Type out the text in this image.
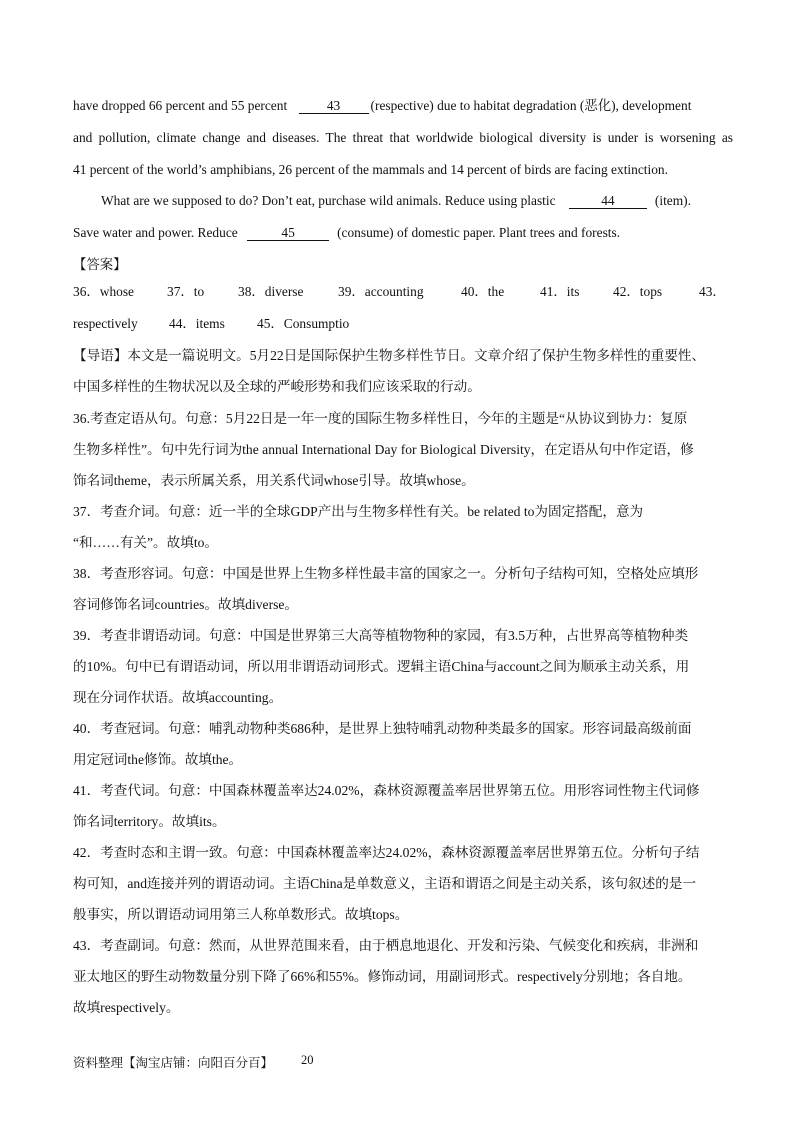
have dropped 66 percent and 55 percent	43 (respective) due to habitat degradation (恶化), development
and pollution, climate change and diseases. The threat that worldwide biological diversity is under is worsening as
41 percent of the world’s amphibians, 26 percent of the mammals and 14 percent of birds are facing extinction.
What are we supposed to do? Don’t eat, purchase wild animals. Reduce using plastic	44	(item).
Save water and power. Reduce	45	(consume) of domestic paper. Plant trees and forests.
【答案】
36．whose 37．to	38．diverse	39．accounting	40．the	41．its	42．tops	43．
respectively 44．items 45．Consumptio
【导语】本文是一篇说明文。5月22日是国际保护生物多样性节日。文章介绍了保护生物多样性的重要性、
中国多样性的生物状况以及全球的严峻形势和我们应该采取的行动。
36.考查定语从句。句意：5月22日是一年一度的国际生物多样性日，今年的主题是“从协议到协力：复原
生物多样性”。句中先行词为the annual International Day for Biological Diversity，在定语从句中作定语，修
饰名词theme，表示所属关系，用关系代词whose引导。故填whose。
37．考查介词。句意：近一半的全球GDP产出与生物多样性有关。be related to为固定搭配，意为
“和……有关”。故填to。
38．考查形容词。句意：中国是世界上生物多样性最丰富的国家之一。分析句子结构可知，空格处应填形
容词修饰名词countries。故填diverse。
39．考查非谓语动词。句意：中国是世界第三大高等植物物种的家园，有3.5万种，占世界高等植物种类
的10%。句中已有谓语动词，所以用非谓语动词形式。逻辑主语China与account之间为顺承主动关系，用
现在分词作状语。故填accounting。
40．考查冠词。句意：哺乳动物种类686种，是世界上独特哺乳动物种类最多的国家。形容词最高级前面
用定冠词the修饰。故填the。
41．考查代词。句意：中国森林覆盖率达24.02%，森林资源覆盖率居世界第五位。用形容词性物主代词修
饰名词territory。故填its。
42．考查时态和主谓一致。句意：中国森林覆盖率达24.02%，森林资源覆盖率居世界第五位。分析句子结
构可知，and连接并列的谓语动词。主语China是单数意义，主语和谓语之间是主动关系，该句叙述的是一
般事实，所以谓语动词用第三人称单数形式。故填tops。
43．考查副词。句意：然而，从世界范围来看，由于栖息地退化、开发和污染、气候变化和疾病，非洲和
亚太地区的野生动物数量分别下降了66%和55%。修饰动词，用副词形式。respectively分别地；各自地。
故填respectively。
资料整理【淘宝店铺：向阳百分百】 20
